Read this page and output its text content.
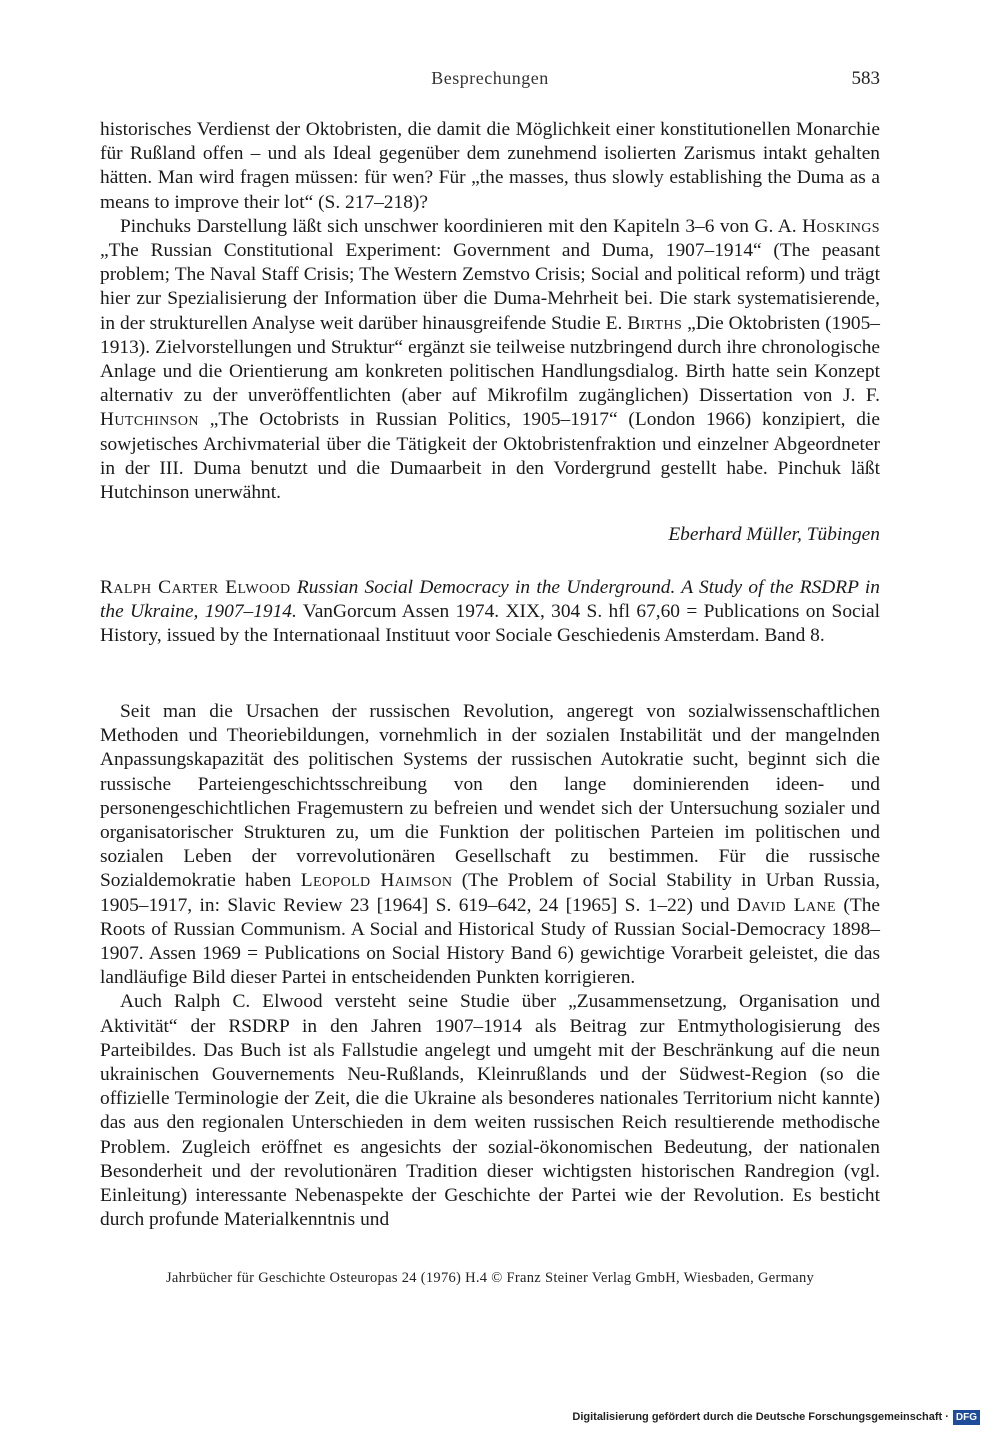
Besprechungen	583

historisches Verdienst der Oktobristen, die damit die Möglichkeit einer konstitutionellen Monarchie für Rußland offen – und als Ideal gegenüber dem zunehmend isolierten Zarismus intakt gehalten hätten. Man wird fragen müssen: für wen? Für „the masses, thus slowly establishing the Duma as a means to improve their lot“ (S. 217–218)?

Pinchuks Darstellung läßt sich unschwer koordinieren mit den Kapiteln 3–6 von G. A. Hoskings „The Russian Constitutional Experiment: Government and Duma, 1907–1914“ (The peasant problem; The Naval Staff Crisis; The Western Zemstvo Crisis; Social and political reform) und trägt hier zur Spezialisierung der Information über die Duma-Mehrheit bei. Die stark systematisierende, in der strukturellen Analyse weit darüber hinausgreifende Studie E. Births „Die Oktobristen (1905–1913). Zielvorstellungen und Struktur“ ergänzt sie teilweise nutzbringend durch ihre chronologische Anlage und die Orientierung am konkreten politischen Handlungsdialog. Birth hatte sein Konzept alternativ zu der unveröffentlichten (aber auf Mikrofilm zugänglichen) Dissertation von J. F. Hutchinson „The Octobrists in Russian Politics, 1905–1917“ (London 1966) konzipiert, die sowjetisches Archivmaterial über die Tätigkeit der Oktobristenfraktion und einzelner Abgeordneter in der III. Duma benutzt und die Dumaarbeit in den Vordergrund gestellt habe. Pinchuk läßt Hutchinson unerwähnt.

Eberhard Müller, Tübingen

Ralph Carter Elwood Russian Social Democracy in the Underground. A Study of the RSDRP in the Ukraine, 1907–1914. VanGorcum Assen 1974. XIX, 304 S. hfl 67,60 = Publications on Social History, issued by the Internationaal Instituut voor Sociale Geschiedenis Amsterdam. Band 8.

Seit man die Ursachen der russischen Revolution, angeregt von sozialwissenschaftlichen Methoden und Theoriebildungen, vornehmlich in der sozialen Instabilität und der mangelnden Anpassungskapazität des politischen Systems der russischen Autokratie sucht, beginnt sich die russische Parteiengeschichtsschreibung von den lange dominierenden ideen- und personengeschichtlichen Fragemustern zu befreien und wendet sich der Untersuchung sozialer und organisatorischer Strukturen zu, um die Funktion der politischen Parteien im politischen und sozialen Leben der vorrevolutionären Gesellschaft zu bestimmen. Für die russische Sozialdemokratie haben Leopold Haimson (The Problem of Social Stability in Urban Russia, 1905–1917, in: Slavic Review 23 [1964] S. 619–642, 24 [1965] S. 1–22) und David Lane (The Roots of Russian Communism. A Social and Historical Study of Russian Social-Democracy 1898–1907. Assen 1969 = Publications on Social History Band 6) gewichtige Vorarbeit geleistet, die das landläufige Bild dieser Partei in entscheidenden Punkten korrigieren.

Auch Ralph C. Elwood versteht seine Studie über „Zusammensetzung, Organisation und Aktivität“ der RSDRP in den Jahren 1907–1914 als Beitrag zur Entmythologisierung des Parteibildes. Das Buch ist als Fallstudie angelegt und umgeht mit der Beschränkung auf die neun ukrainischen Gouvernements Neu-Rußlands, Kleinrußlands und der Südwest-Region (so die offizielle Terminologie der Zeit, die die Ukraine als besonderes nationales Territorium nicht kannte) das aus den regionalen Unterschieden in dem weiten russischen Reich resultierende methodische Problem. Zugleich eröffnet es angesichts der sozial-ökonomischen Bedeutung, der nationalen Besonderheit und der revolutionären Tradition dieser wichtigsten historischen Randregion (vgl. Einleitung) interessante Nebenaspekte der Geschichte der Partei wie der Revolution. Es besticht durch profunde Materialkenntnis und

Jahrbücher für Geschichte Osteuropas 24 (1976) H.4 © Franz Steiner Verlag GmbH, Wiesbaden, Germany
Digitalisierung gefördert durch die Deutsche Forschungsgemeinschaft · DFG
